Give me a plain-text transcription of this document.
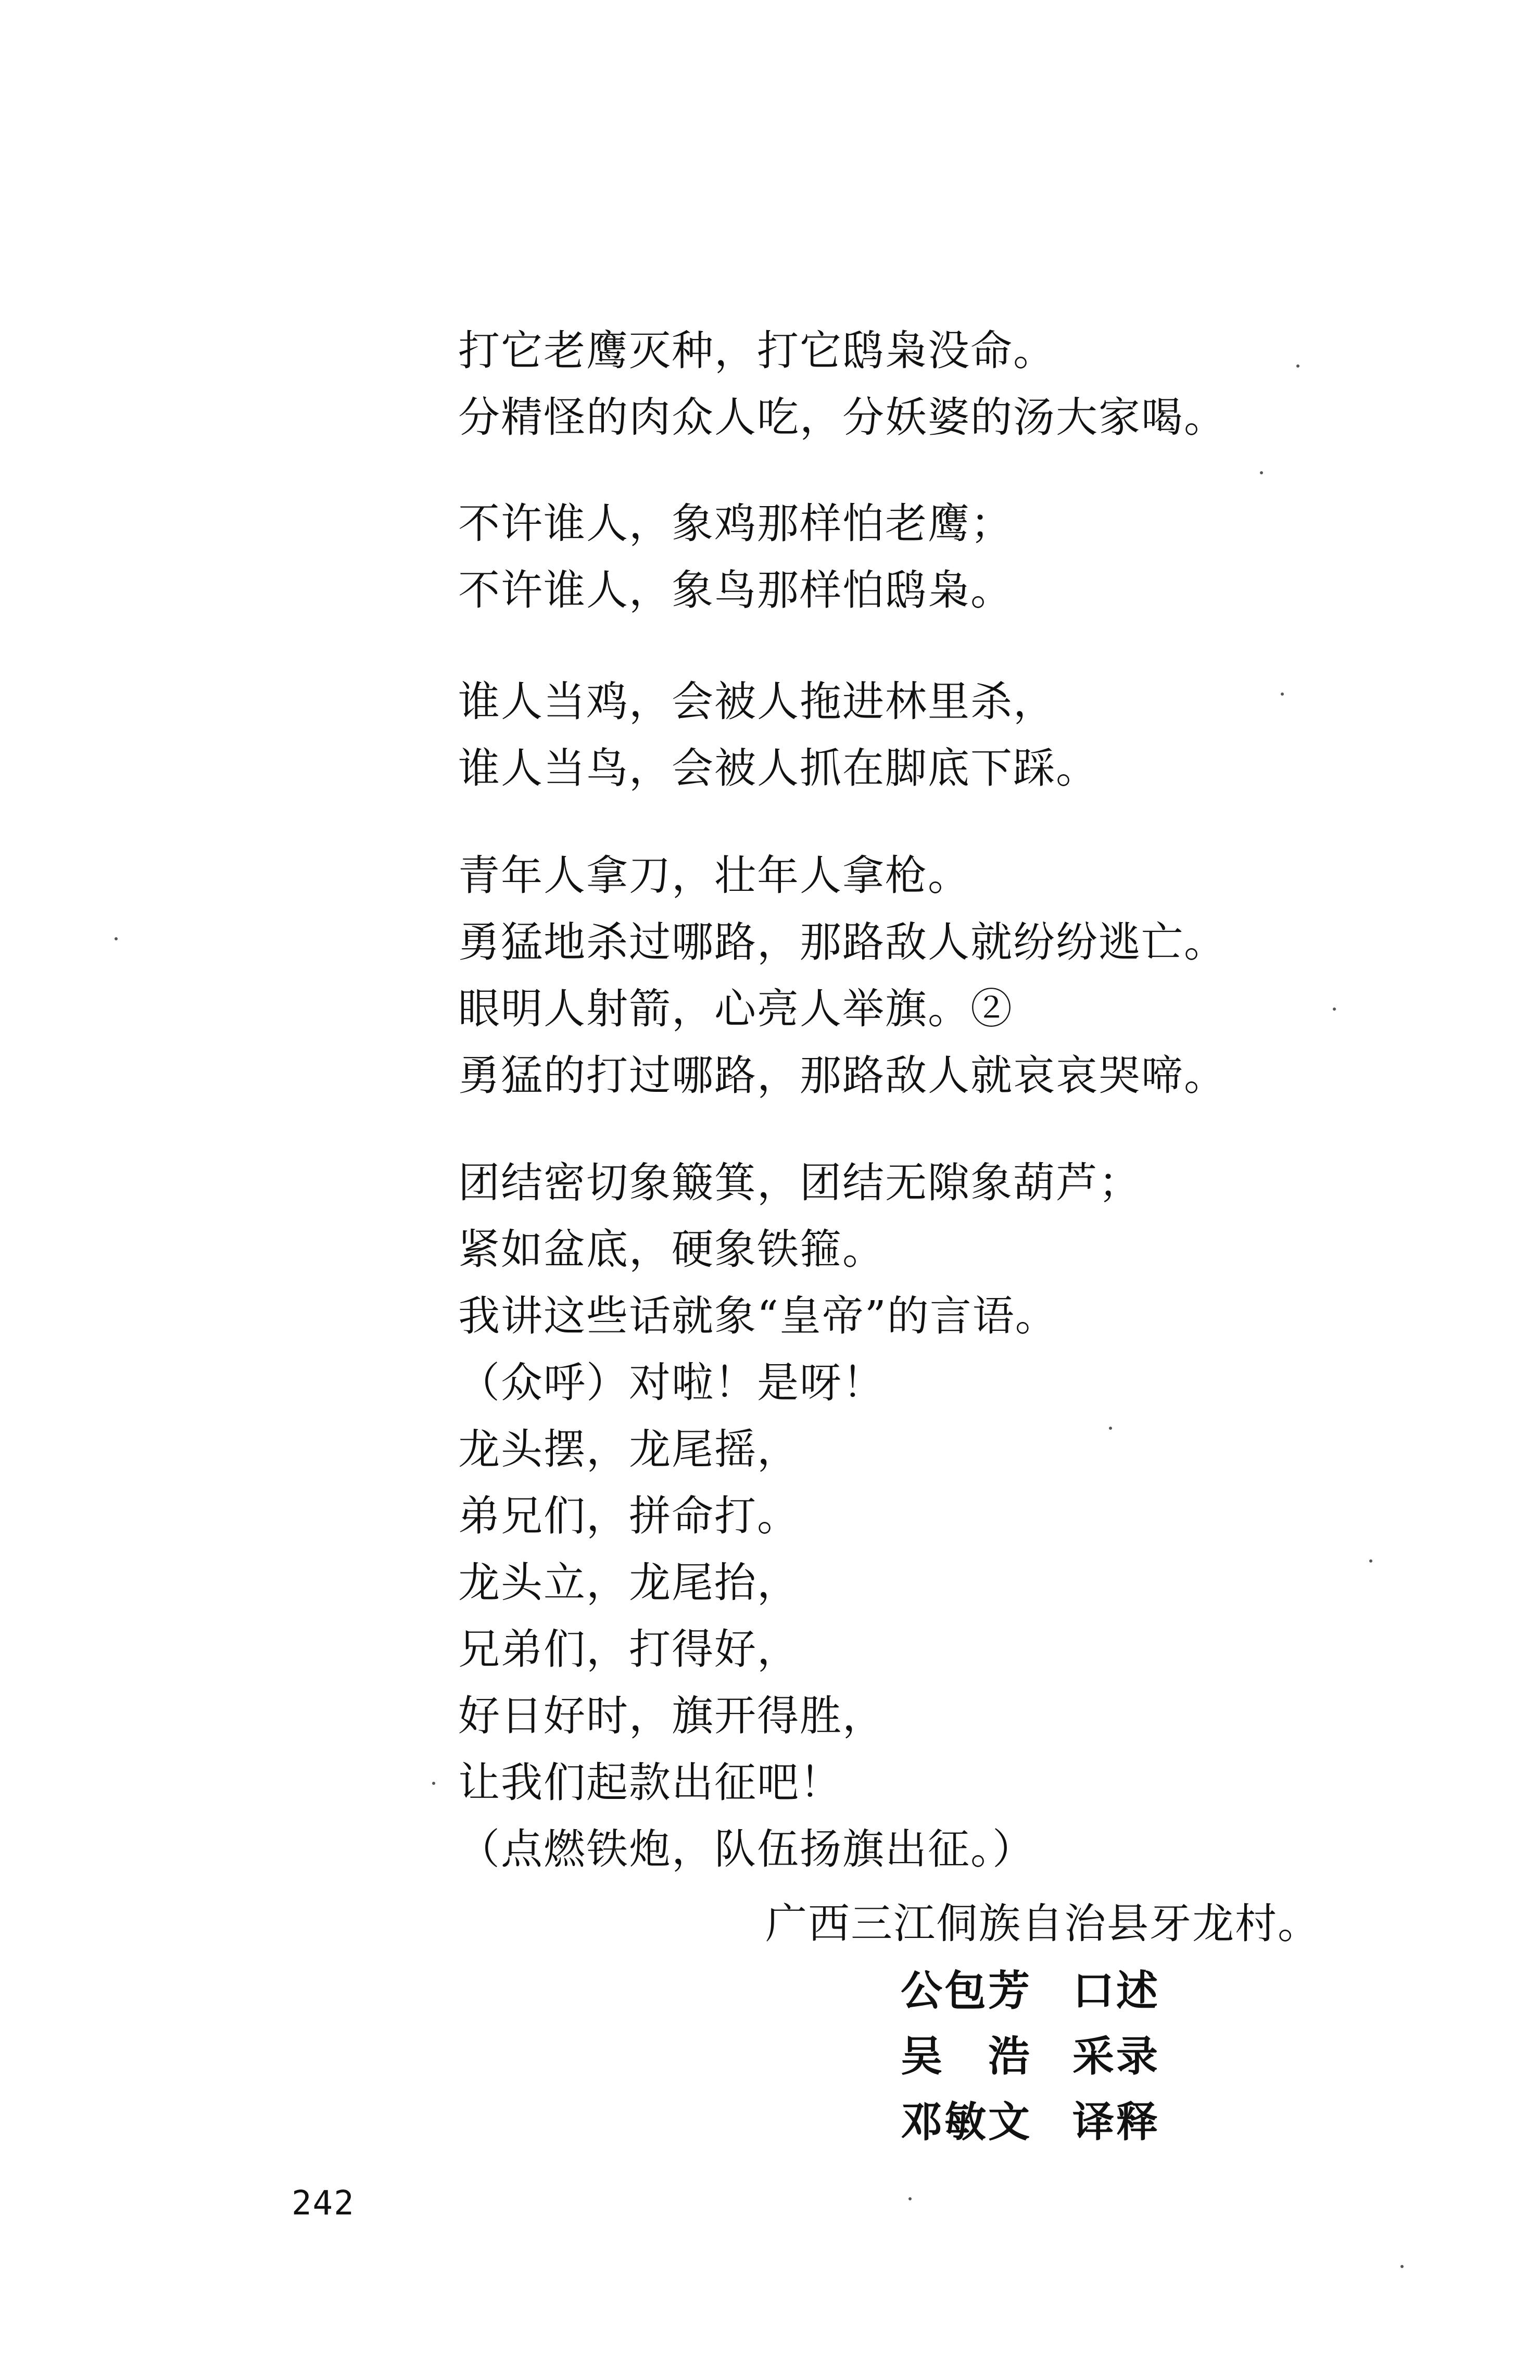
打它老鹰灭种，打它鸱枭没命。
分精怪的肉众人吃，分妖婆的汤大家喝。
不许谁人，象鸡那样怕老鹰；
不许谁人，象鸟那样怕鸱枭。
谁人当鸡，会被人拖进林里杀，
谁人当鸟，会被人抓在脚底下踩。
青年人拿刀，壮年人拿枪。
勇猛地杀过哪路，那路敌人就纷纷逃亡。
眼明人射箭，心亮人举旗。②
勇猛的打过哪路，那路敌人就哀哀哭啼。
团结密切象簸箕，团结无隙象葫芦；
紧如盆底，硬象铁箍。
我讲这些话就象“皇帝”的言语。
（众呼）对啦！是呀！
龙头摆，龙尾摇，
弟兄们，拼命打。
龙头立，龙尾抬，
兄弟们，打得好，
好日好时，旗开得胜，
让我们起款出征吧！
（点燃铁炮，队伍扬旗出征。）
广西三江侗族自治县牙龙村。
公包芳 口述
吴　浩 采录
邓敏文 译释
242
